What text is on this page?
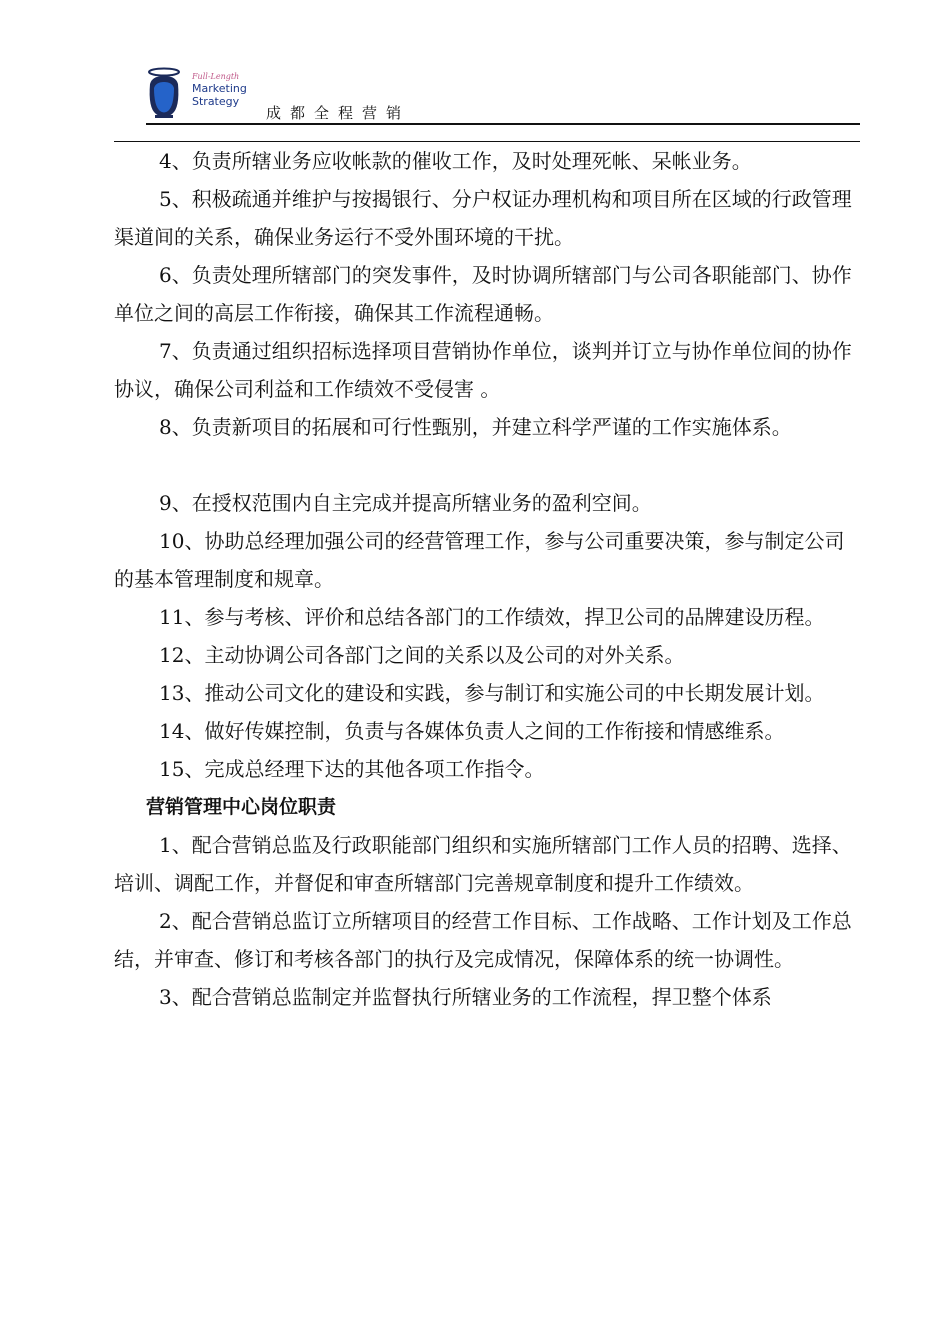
Full-Length
Marketing
Strategy
成都全程营销

4、负责所辖业务应收帐款的催收工作，及时处理死帐、呆帐业务。

5、积极疏通并维护与按揭银行、分户权证办理机构和项目所在区域的行政管理渠道间的关系，确保业务运行不受外围环境的干扰。

6、负责处理所辖部门的突发事件，及时协调所辖部门与公司各职能部门、协作单位之间的高层工作衔接，确保其工作流程通畅。

7、负责通过组织招标选择项目营销协作单位，谈判并订立与协作单位间的协作协议，确保公司利益和工作绩效不受侵害 。

8、负责新项目的拓展和可行性甄别，并建立科学严谨的工作实施体系。

9、在授权范围内自主完成并提高所辖业务的盈利空间。

10、协助总经理加强公司的经营管理工作，参与公司重要决策，参与制定公司的基本管理制度和规章。

11、参与考核、评价和总结各部门的工作绩效，捍卫公司的品牌建设历程。

12、主动协调公司各部门之间的关系以及公司的对外关系。

13、推动公司文化的建设和实践，参与制订和实施公司的中长期发展计划。

14、做好传媒控制，负责与各媒体负责人之间的工作衔接和情感维系。

15、完成总经理下达的其他各项工作指令。

营销管理中心岗位职责

1、配合营销总监及行政职能部门组织和实施所辖部门工作人员的招聘、选择、培训、调配工作，并督促和审查所辖部门完善规章制度和提升工作绩效。

2、配合营销总监订立所辖项目的经营工作目标、工作战略、工作计划及工作总结，并审查、修订和考核各部门的执行及完成情况，保障体系的统一协调性。

3、配合营销总监制定并监督执行所辖业务的工作流程，捍卫整个体系
